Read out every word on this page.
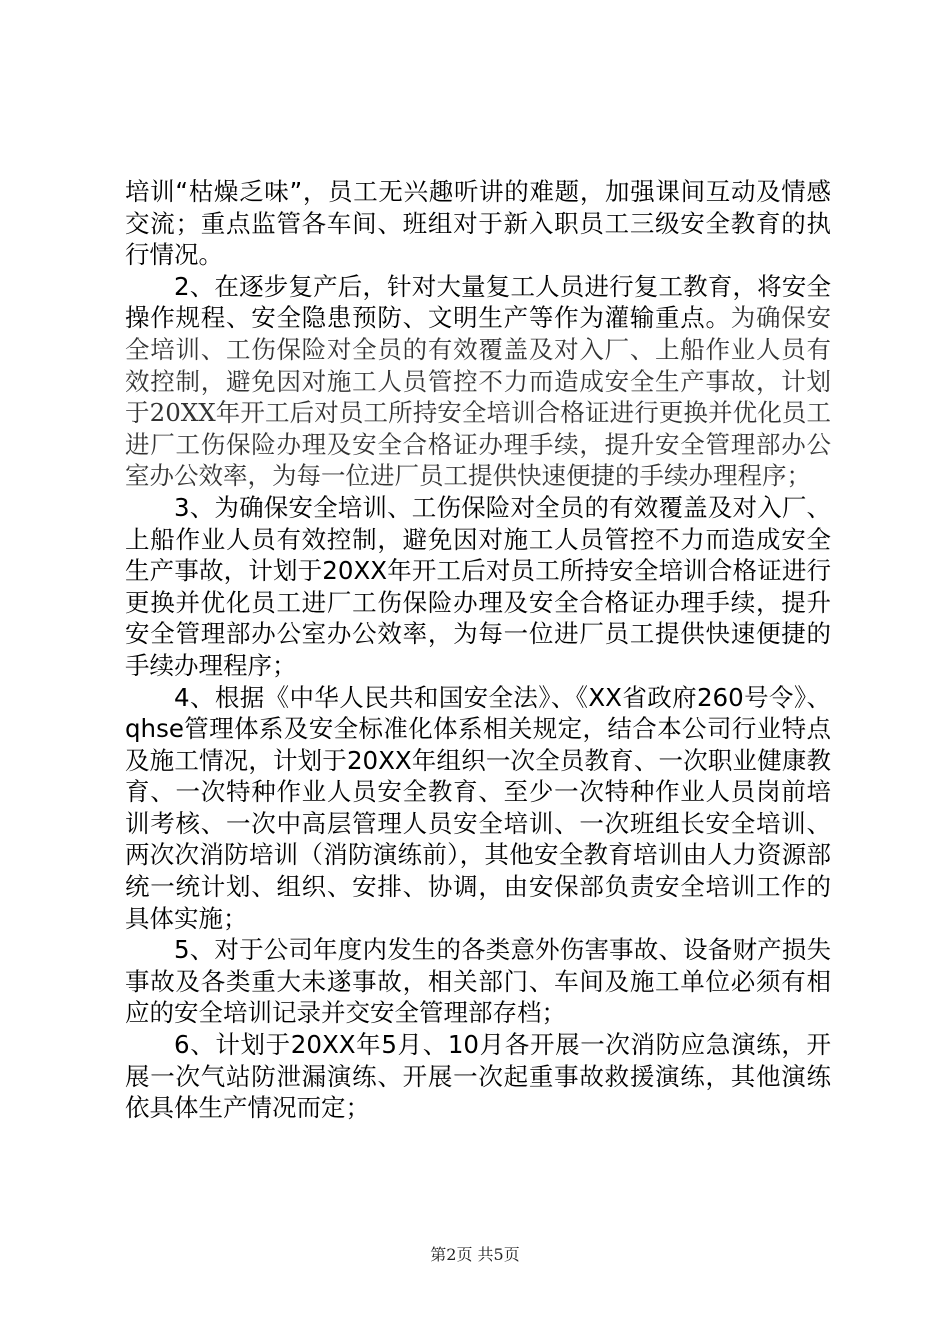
培训“枯燥乏味”，员工无兴趣听讲的难题，加强课间互动及情感交流；重点监管各车间、班组对于新入职员工三级安全教育的执行情况。

2、在逐步复产后，针对大量复工人员进行复工教育，将安全操作规程、安全隐患预防、文明生产等作为灌输重点。为确保安全培训、工伤保险对全员的有效覆盖及对入厂、上船作业人员有效控制，避免因对施工人员管控不力而造成安全生产事故，计划于20XX年开工后对员工所持安全培训合格证进行更换并优化员工进厂工伤保险办理及安全合格证办理手续，提升安全管理部办公室办公效率，为每一位进厂员工提供快速便捷的手续办理程序；

3、为确保安全培训、工伤保险对全员的有效覆盖及对入厂、上船作业人员有效控制，避免因对施工人员管控不力而造成安全生产事故，计划于20XX年开工后对员工所持安全培训合格证进行更换并优化员工进厂工伤保险办理及安全合格证办理手续，提升安全管理部办公室办公效率，为每一位进厂员工提供快速便捷的手续办理程序；

4、根据《中华人民共和国安全法》、《XX省政府260号令》、qhse管理体系及安全标准化体系相关规定，结合本公司行业特点及施工情况，计划于20XX年组织一次全员教育、一次职业健康教育、一次特种作业人员安全教育、至少一次特种作业人员岗前培训考核、一次中高层管理人员安全培训、一次班组长安全培训、两次次消防培训（消防演练前），其他安全教育培训由人力资源部统一统计划、组织、安排、协调，由安保部负责安全培训工作的具体实施；

5、对于公司年度内发生的各类意外伤害事故、设备财产损失事故及各类重大未遂事故，相关部门、车间及施工单位必须有相应的安全培训记录并交安全管理部存档；

6、计划于20XX年5月、10月各开展一次消防应急演练，开展一次气站防泄漏演练、开展一次起重事故救援演练，其他演练依具体生产情况而定；

第2页 共5页
